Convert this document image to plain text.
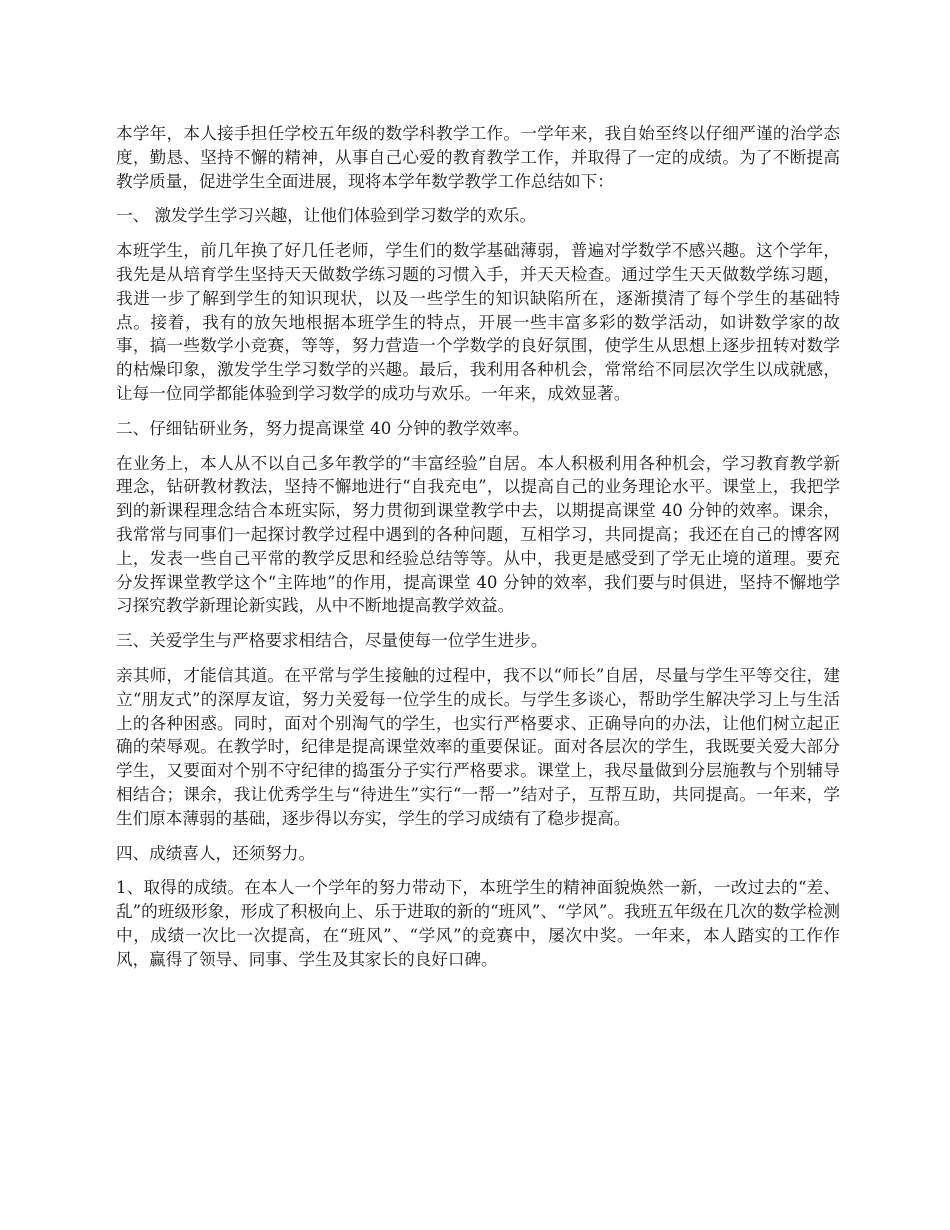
本学年，本人接手担任学校五年级的数学科教学工作。一学年来，我自始至终以仔细严谨的治学态度，勤恳、坚持不懈的精神，从事自己心爱的教育教学工作，并取得了一定的成绩。为了不断提高教学质量，促进学生全面进展，现将本学年数学教学工作总结如下：

一、 激发学生学习兴趣，让他们体验到学习数学的欢乐。

本班学生，前几年换了好几任老师，学生们的数学基础薄弱，普遍对学数学不感兴趣。这个学年，我先是从培育学生坚持天天做数学练习题的习惯入手，并天天检查。通过学生天天做数学练习题，我进一步了解到学生的知识现状，以及一些学生的知识缺陷所在，逐渐摸清了每个学生的基础特点。接着，我有的放矢地根据本班学生的特点，开展一些丰富多彩的数学活动，如讲数学家的故事，搞一些数学小竞赛，等等，努力营造一个学数学的良好氛围，使学生从思想上逐步扭转对数学的枯燥印象，激发学生学习数学的兴趣。最后，我利用各种机会，常常给不同层次学生以成就感，让每一位同学都能体验到学习数学的成功与欢乐。一年来，成效显著。

二、仔细钻研业务，努力提高课堂 40 分钟的教学效率。

在业务上，本人从不以自己多年教学的“丰富经验”自居。本人积极利用各种机会，学习教育教学新理念，钻研教材教法，坚持不懈地进行“自我充电”，以提高自己的业务理论水平。课堂上，我把学到的新课程理念结合本班实际，努力贯彻到课堂教学中去，以期提高课堂 40 分钟的效率。课余，我常常与同事们一起探讨教学过程中遇到的各种问题，互相学习，共同提高；我还在自己的博客网上，发表一些自己平常的教学反思和经验总结等等。从中，我更是感受到了学无止境的道理。要充分发挥课堂教学这个“主阵地”的作用，提高课堂 40 分钟的效率，我们要与时俱进，坚持不懈地学习探究教学新理论新实践，从中不断地提高教学效益。

三、关爱学生与严格要求相结合，尽量使每一位学生进步。

亲其师，才能信其道。在平常与学生接触的过程中，我不以“师长”自居，尽量与学生平等交往，建立“朋友式”的深厚友谊，努力关爱每一位学生的成长。与学生多谈心，帮助学生解决学习上与生活上的各种困惑。同时，面对个别淘气的学生，也实行严格要求、正确导向的办法，让他们树立起正确的荣辱观。在教学时，纪律是提高课堂效率的重要保证。面对各层次的学生，我既要关爱大部分学生，又要面对个别不守纪律的捣蛋分子实行严格要求。课堂上，我尽量做到分层施教与个别辅导相结合；课余，我让优秀学生与“待进生”实行“一帮一”结对子，互帮互助，共同提高。一年来，学生们原本薄弱的基础，逐步得以夯实，学生的学习成绩有了稳步提高。

四、成绩喜人，还须努力。

1、取得的成绩。在本人一个学年的努力带动下，本班学生的精神面貌焕然一新，一改过去的“差、乱”的班级形象，形成了积极向上、乐于进取的新的“班风”、“学风”。我班五年级在几次的数学检测中，成绩一次比一次提高，在“班风”、“学风”的竞赛中，屡次中奖。一年来，本人踏实的工作作风，赢得了领导、同事、学生及其家长的良好口碑。
